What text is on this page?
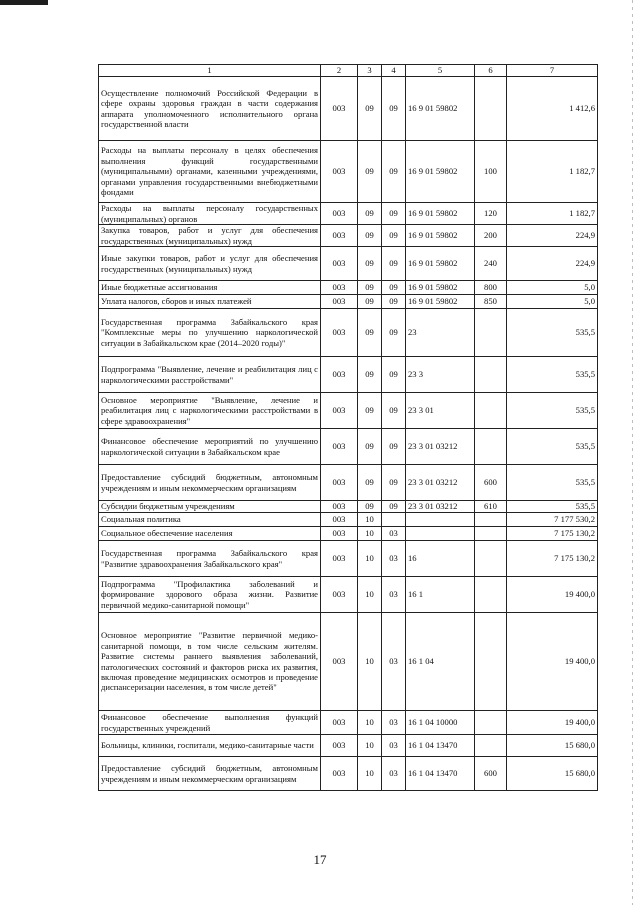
1	2	3	4	5	6	7
Осуществление полномочий Российской Федерации в сфере охраны здоровья граждан в части содержания аппарата уполномоченного исполнительного органа государственной власти	003	09	09	16 9 01 59802		1 412,6
Расходы на выплаты персоналу в целях обеспечения выполнения функций государственными (муниципальными) органами, казенными учреждениями, органами управления государственными внебюджетными фондами	003	09	09	16 9 01 59802	100	1 182,7
Расходы на выплаты персоналу государственных (муниципальных) органов	003	09	09	16 9 01 59802	120	1 182,7
Закупка товаров, работ и услуг для обеспечения государственных (муниципальных) нужд	003	09	09	16 9 01 59802	200	224,9
Иные закупки товаров, работ и услуг для обеспечения государственных (муниципальных) нужд	003	09	09	16 9 01 59802	240	224,9
Иные бюджетные ассигнования	003	09	09	16 9 01 59802	800	5,0
Уплата налогов, сборов и иных платежей	003	09	09	16 9 01 59802	850	5,0
Государственная программа Забайкальского края "Комплексные меры по улучшению наркологической ситуации в Забайкальском крае (2014–2020 годы)"	003	09	09	23		535,5
Подпрограмма "Выявление, лечение и реабилитация лиц с наркологическими расстройствами"	003	09	09	23 3		535,5
Основное мероприятие "Выявление, лечение и реабилитация лиц с наркологическими расстройствами в сфере здравоохранения"	003	09	09	23 3 01		535,5
Финансовое обеспечение мероприятий по улучшению наркологической ситуации в Забайкальском крае	003	09	09	23 3 01 03212		535,5
Предоставление субсидий бюджетным, автономным учреждениям и иным некоммерческим организациям	003	09	09	23 3 01 03212	600	535,5
Субсидии бюджетным учреждениям	003	09	09	23 3 01 03212	610	535,5
Социальная политика	003	10				7 177 530,2
Социальное обеспечение населения	003	10	03			7 175 130,2
Государственная программа Забайкальского края "Развитие здравоохранения Забайкальского края"	003	10	03	16		7 175 130,2
Подпрограмма "Профилактика заболеваний и формирование здорового образа жизни. Развитие первичной медико-санитарной помощи"	003	10	03	16 1		19 400,0
Основное мероприятие "Развитие первичной медико-санитарной помощи, в том числе сельским жителям. Развитие системы раннего выявления заболеваний, патологических состояний и факторов риска их развития, включая проведение медицинских осмотров и проведение диспансеризации населения, в том числе детей"	003	10	03	16 1 04		19 400,0
Финансовое обеспечение выполнения функций государственных учреждений	003	10	03	16 1 04 10000		19 400,0
Больницы, клиники, госпитали, медико-санитарные части	003	10	03	16 1 04 13470		15 680,0
Предоставление субсидий бюджетным, автономным учреждениям и иным некоммерческим организациям	003	10	03	16 1 04 13470	600	15 680,0
17
